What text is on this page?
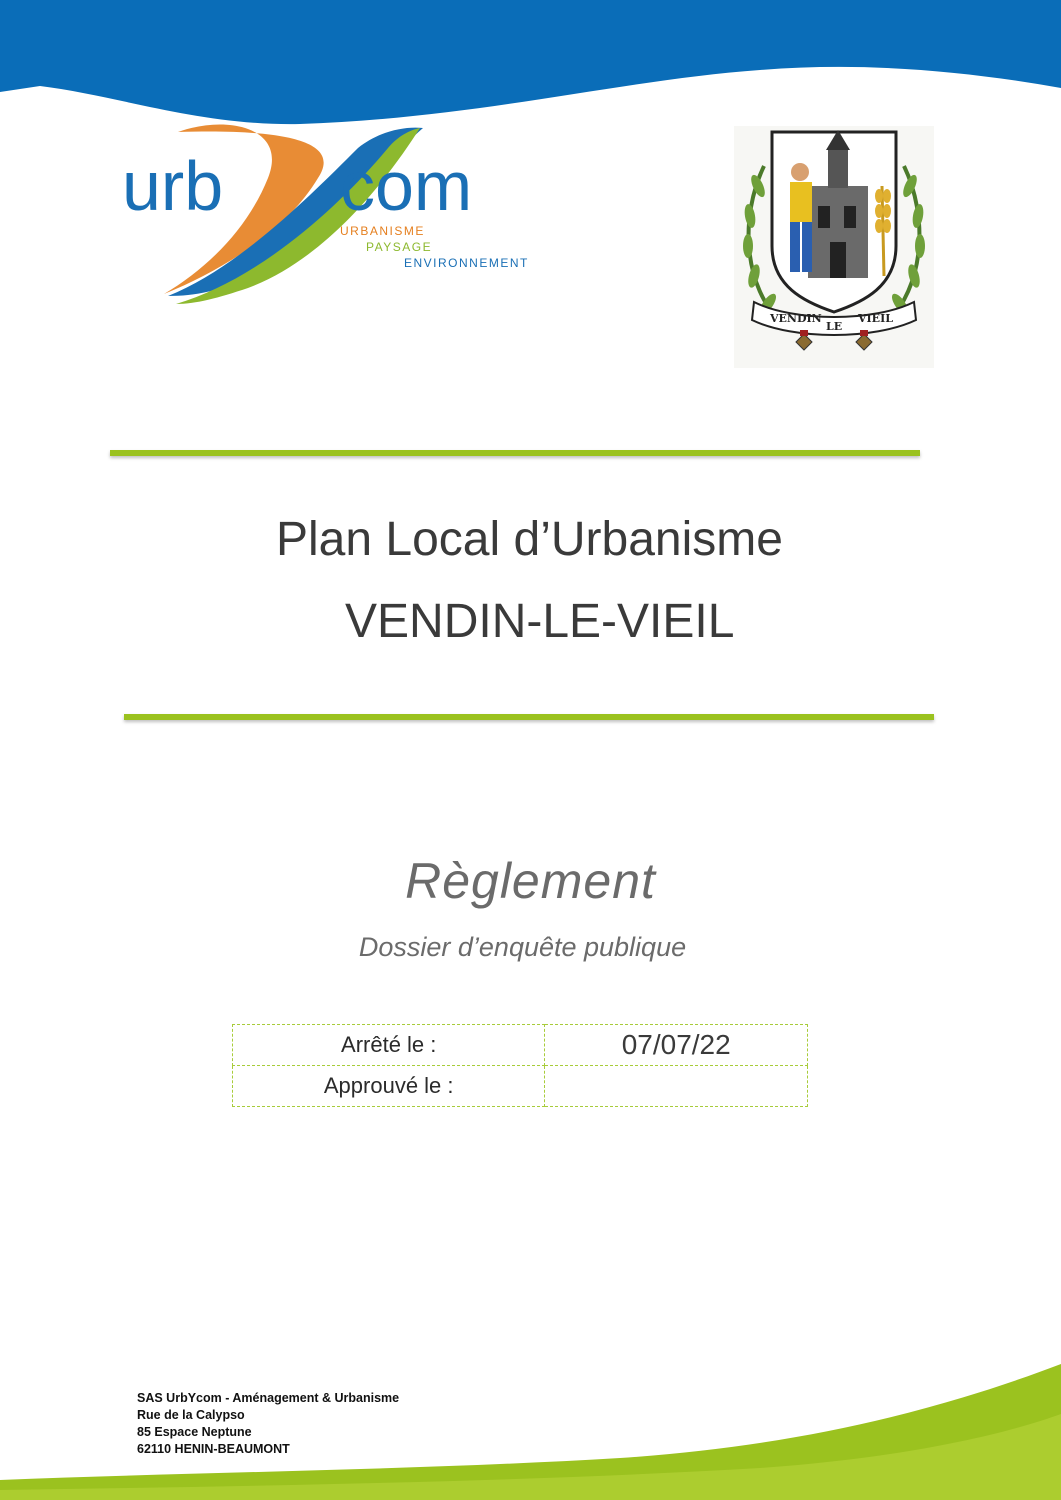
urb com
URBANISME
PAYSAGE
ENVIRONNEMENT
VENDIN
LE
VIEIL
Plan Local d’Urbanisme
VENDIN-LE-VIEIL
Règlement
Dossier d’enquête publique
Arrêté le :	07/07/22
Approuvé le :	
SAS UrbYcom - Aménagement & Urbanisme
Rue de la Calypso
85 Espace Neptune
62110 HENIN-BEAUMONT
